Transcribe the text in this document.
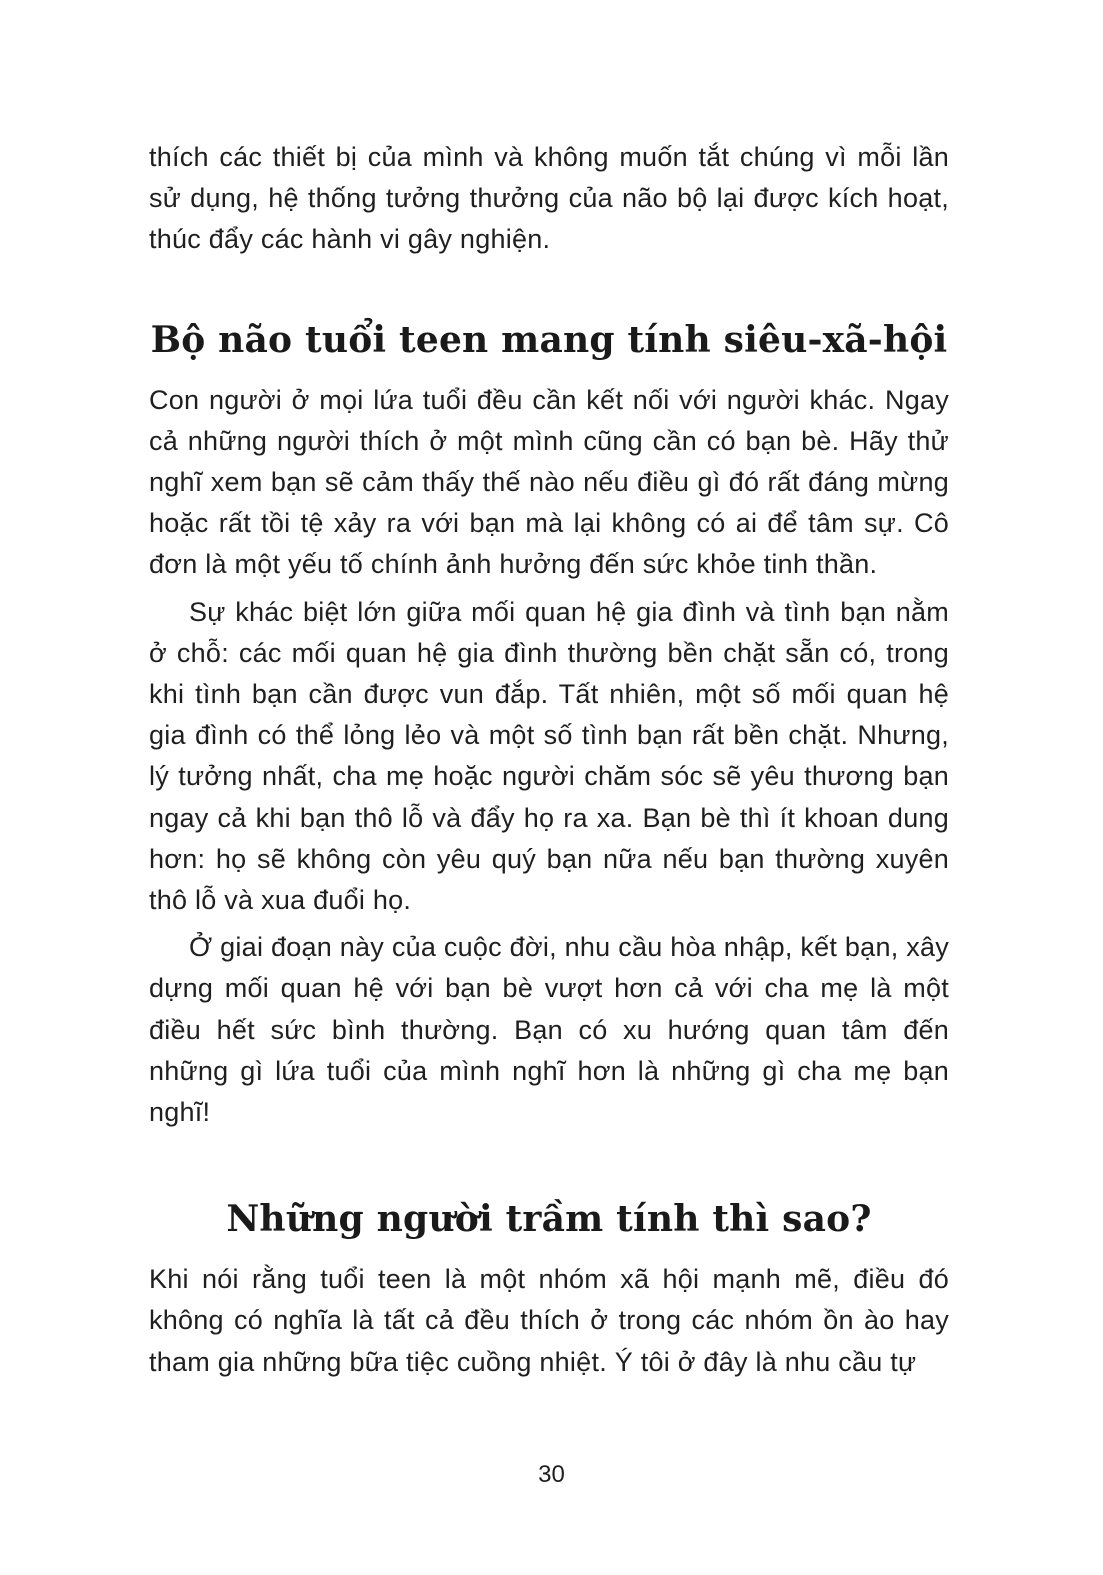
thích các thiết bị của mình và không muốn tắt chúng vì mỗi lần sử dụng, hệ thống tưởng thưởng của não bộ lại được kích hoạt, thúc đẩy các hành vi gây nghiện.

Bộ não tuổi teen mang tính siêu-xã-hội

Con người ở mọi lứa tuổi đều cần kết nối với người khác. Ngay cả những người thích ở một mình cũng cần có bạn bè. Hãy thử nghĩ xem bạn sẽ cảm thấy thế nào nếu điều gì đó rất đáng mừng hoặc rất tồi tệ xảy ra với bạn mà lại không có ai để tâm sự. Cô đơn là một yếu tố chính ảnh hưởng đến sức khỏe tinh thần.

Sự khác biệt lớn giữa mối quan hệ gia đình và tình bạn nằm ở chỗ: các mối quan hệ gia đình thường bền chặt sẵn có, trong khi tình bạn cần được vun đắp. Tất nhiên, một số mối quan hệ gia đình có thể lỏng lẻo và một số tình bạn rất bền chặt. Nhưng, lý tưởng nhất, cha mẹ hoặc người chăm sóc sẽ yêu thương bạn ngay cả khi bạn thô lỗ và đẩy họ ra xa. Bạn bè thì ít khoan dung hơn: họ sẽ không còn yêu quý bạn nữa nếu bạn thường xuyên thô lỗ và xua đuổi họ.

Ở giai đoạn này của cuộc đời, nhu cầu hòa nhập, kết bạn, xây dựng mối quan hệ với bạn bè vượt hơn cả với cha mẹ là một điều hết sức bình thường. Bạn có xu hướng quan tâm đến những gì lứa tuổi của mình nghĩ hơn là những gì cha mẹ bạn nghĩ!

Những người trầm tính thì sao?

Khi nói rằng tuổi teen là một nhóm xã hội mạnh mẽ, điều đó không có nghĩa là tất cả đều thích ở trong các nhóm ồn ào hay tham gia những bữa tiệc cuồng nhiệt. Ý tôi ở đây là nhu cầu tự

30
